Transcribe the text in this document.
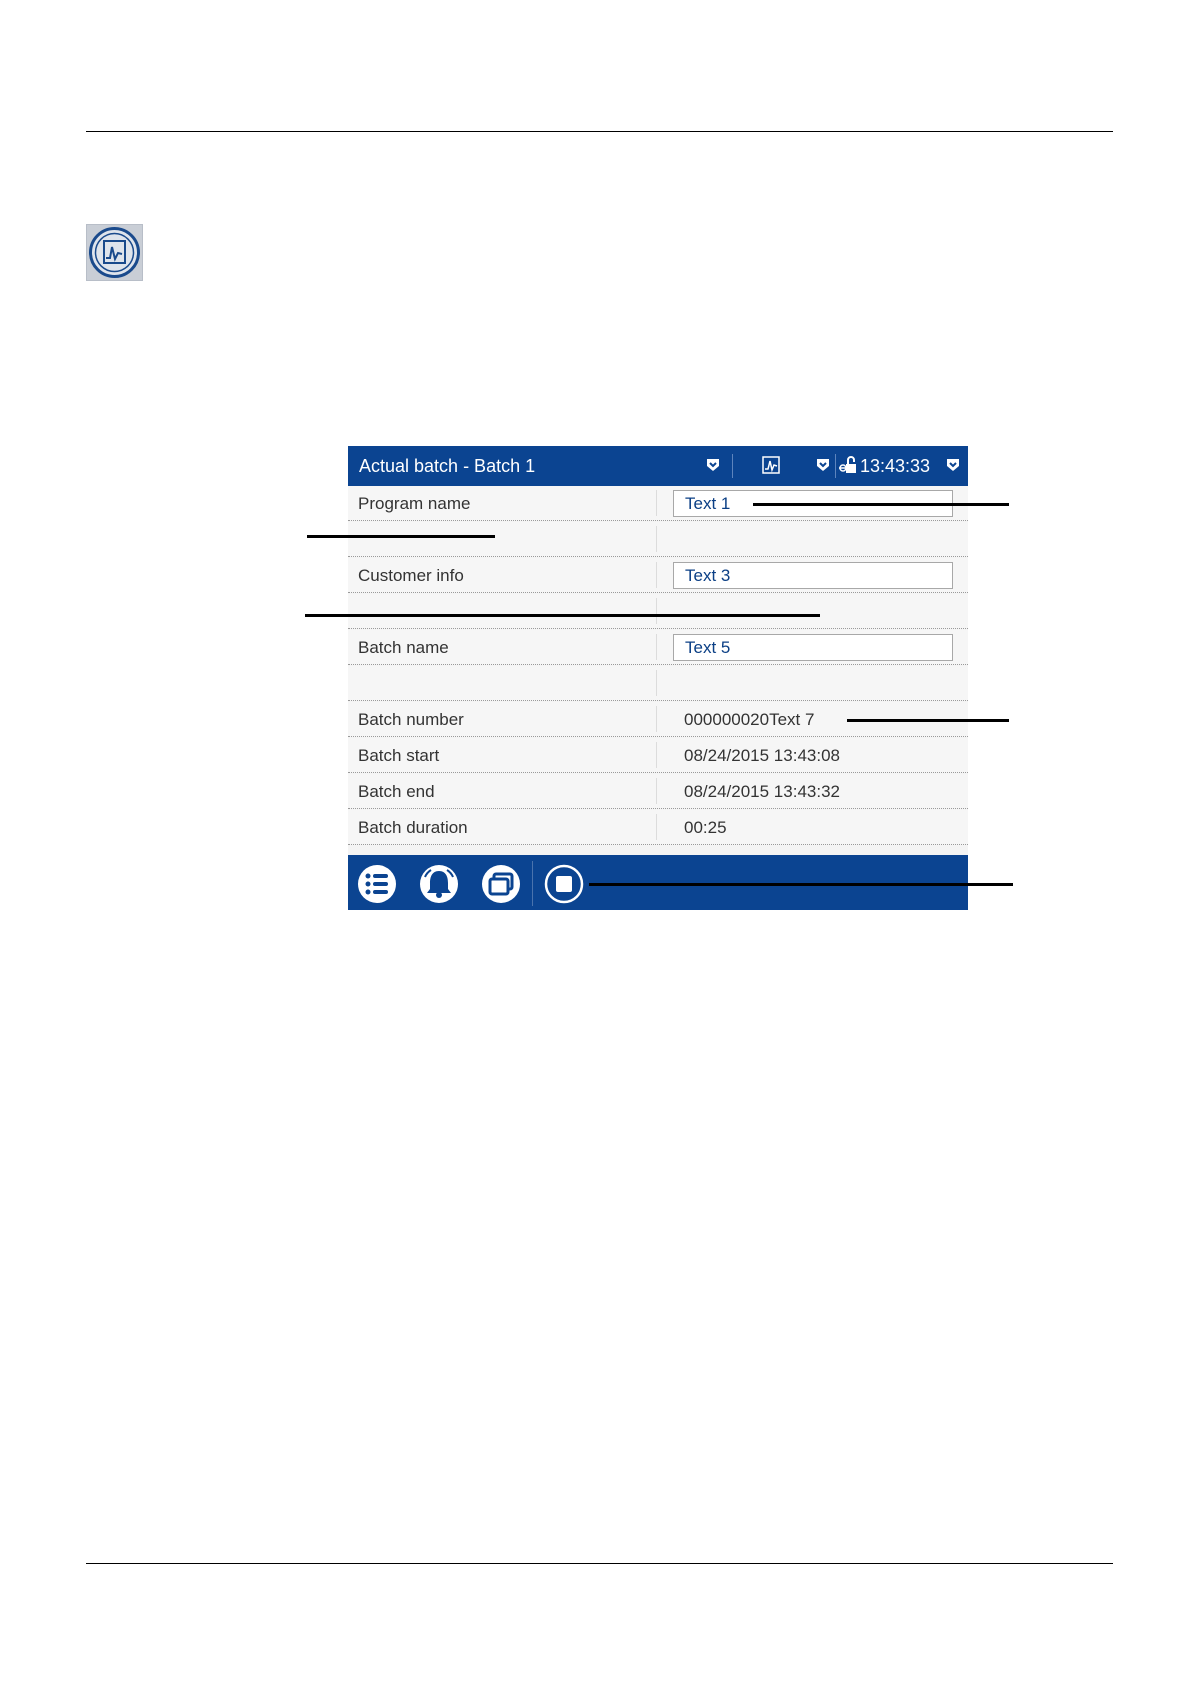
Actual batch - Batch 1	13:43:33
Program name	Text 1
Customer info	Text 3
Batch name	Text 5
Batch number	000000020Text 7
Batch start	08/24/2015 13:43:08
Batch end	08/24/2015 13:43:32
Batch duration	00:25
